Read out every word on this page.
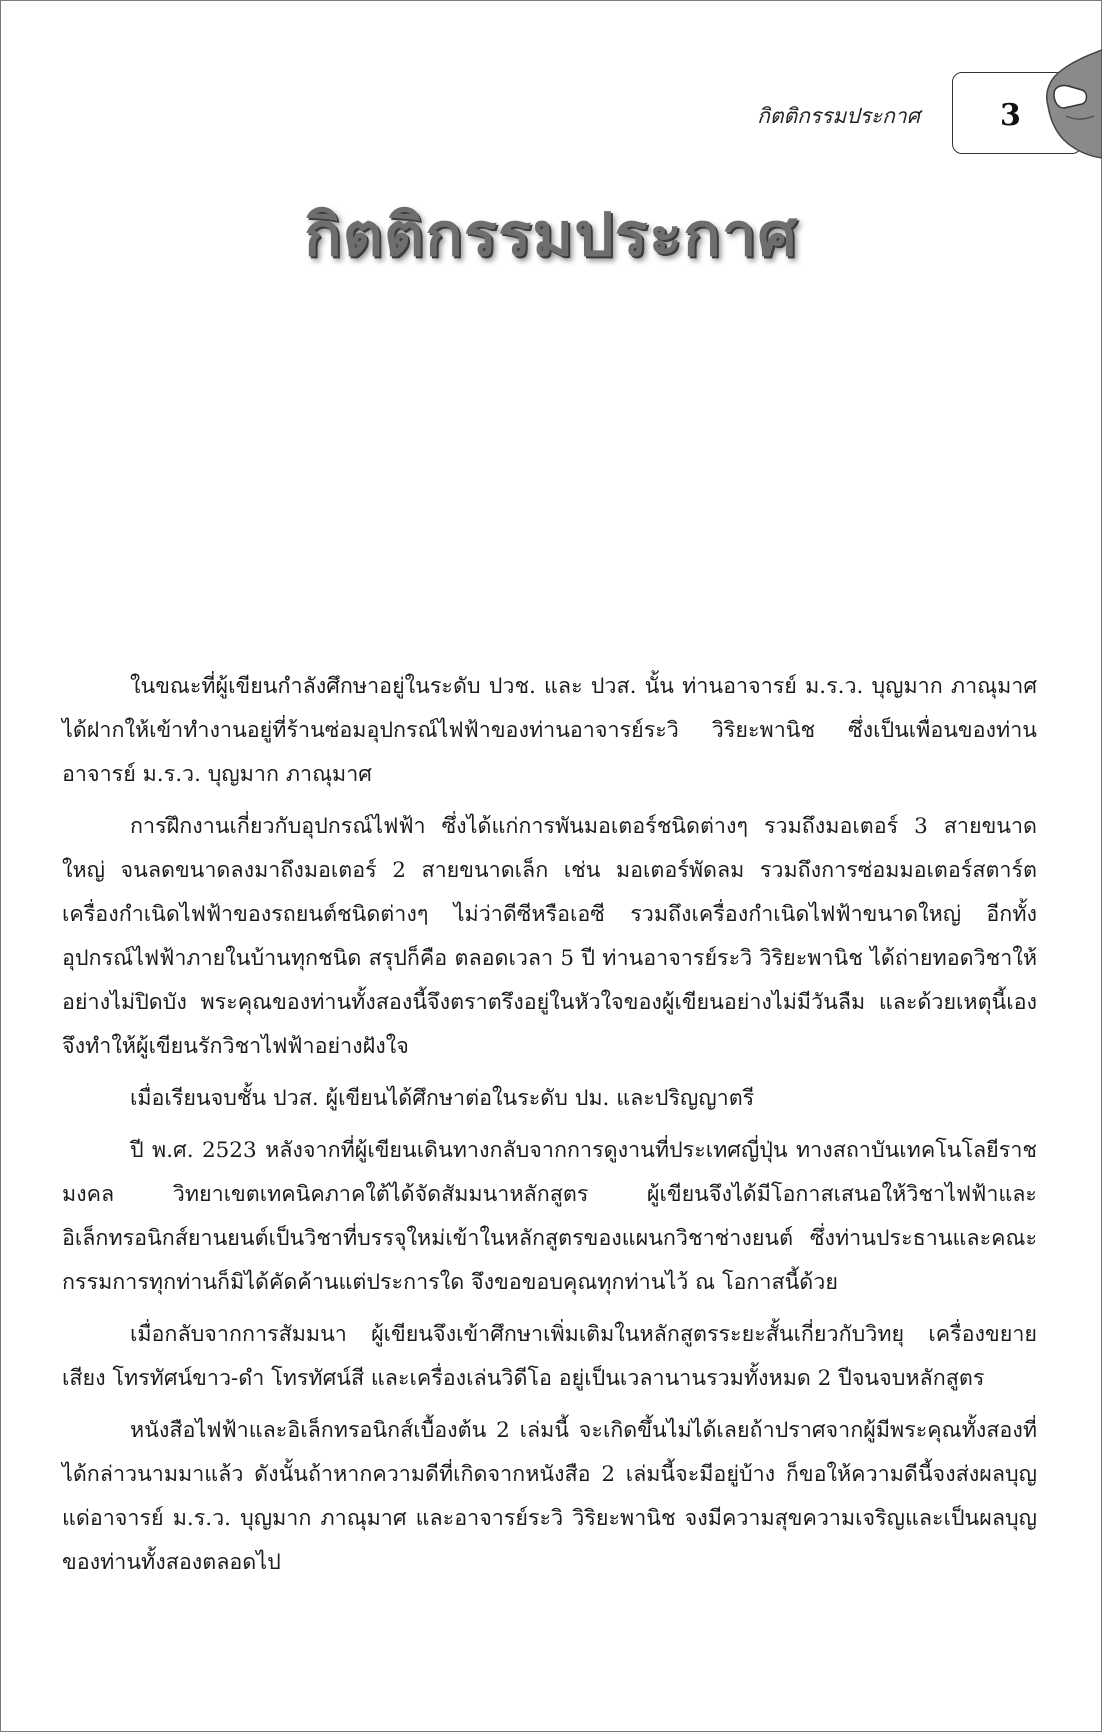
กิตติกรรมประกาศ	3
กิตติกรรมประกาศ

ในขณะที่ผู้เขียนกำลังศึกษาอยู่ในระดับ ปวช. และ ปวส. นั้น ท่านอาจารย์ ม.ร.ว. บุญมาก ภาณุมาศ ได้ฝากให้เข้าทำงานอยู่ที่ร้านซ่อมอุปกรณ์ไฟฟ้าของท่านอาจารย์ระวิ วิริยะพานิช ซึ่งเป็นเพื่อนของท่านอาจารย์ ม.ร.ว. บุญมาก ภาณุมาศ

การฝึกงานเกี่ยวกับอุปกรณ์ไฟฟ้า ซึ่งได้แก่การพันมอเตอร์ชนิดต่างๆ รวมถึงมอเตอร์ 3 สายขนาดใหญ่ จนลดขนาดลงมาถึงมอเตอร์ 2 สายขนาดเล็ก เช่น มอเตอร์พัดลม รวมถึงการซ่อมมอเตอร์สตาร์ต เครื่องกำเนิดไฟฟ้าของรถยนต์ชนิดต่างๆ ไม่ว่าดีซีหรือเอซี รวมถึงเครื่องกำเนิดไฟฟ้าขนาดใหญ่ อีกทั้งอุปกรณ์ไฟฟ้าภายในบ้านทุกชนิด สรุปก็คือ ตลอดเวลา 5 ปี ท่านอาจารย์ระวิ วิริยะพานิช ได้ถ่ายทอดวิชาให้อย่างไม่ปิดบัง พระคุณของท่านทั้งสองนี้จึงตราตรึงอยู่ในหัวใจของผู้เขียนอย่างไม่มีวันลืม และด้วยเหตุนี้เองจึงทำให้ผู้เขียนรักวิชาไฟฟ้าอย่างฝังใจ

เมื่อเรียนจบชั้น ปวส. ผู้เขียนได้ศึกษาต่อในระดับ ปม. และปริญญาตรี

ปี พ.ศ. 2523 หลังจากที่ผู้เขียนเดินทางกลับจากการดูงานที่ประเทศญี่ปุ่น ทางสถาบันเทคโนโลยีราชมงคล วิทยาเขตเทคนิคภาคใต้ได้จัดสัมมนาหลักสูตร ผู้เขียนจึงได้มีโอกาสเสนอให้วิชาไฟฟ้าและอิเล็กทรอนิกส์ยานยนต์เป็นวิชาที่บรรจุใหม่เข้าในหลักสูตรของแผนกวิชาช่างยนต์ ซึ่งท่านประธานและคณะกรรมการทุกท่านก็มิได้คัดค้านแต่ประการใด จึงขอขอบคุณทุกท่านไว้ ณ โอกาสนี้ด้วย

เมื่อกลับจากการสัมมนา ผู้เขียนจึงเข้าศึกษาเพิ่มเติมในหลักสูตรระยะสั้นเกี่ยวกับวิทยุ เครื่องขยายเสียง โทรทัศน์ขาว-ดำ โทรทัศน์สี และเครื่องเล่นวิดีโอ อยู่เป็นเวลานานรวมทั้งหมด 2 ปีจนจบหลักสูตร

หนังสือไฟฟ้าและอิเล็กทรอนิกส์เบื้องต้น 2 เล่มนี้ จะเกิดขึ้นไม่ได้เลยถ้าปราศจากผู้มีพระคุณทั้งสองที่ได้กล่าวนามมาแล้ว ดังนั้นถ้าหากความดีที่เกิดจากหนังสือ 2 เล่มนี้จะมีอยู่บ้าง ก็ขอให้ความดีนี้จงส่งผลบุญแด่อาจารย์ ม.ร.ว. บุญมาก ภาณุมาศ และอาจารย์ระวิ วิริยะพานิช จงมีความสุขความเจริญและเป็นผลบุญของท่านทั้งสองตลอดไป
